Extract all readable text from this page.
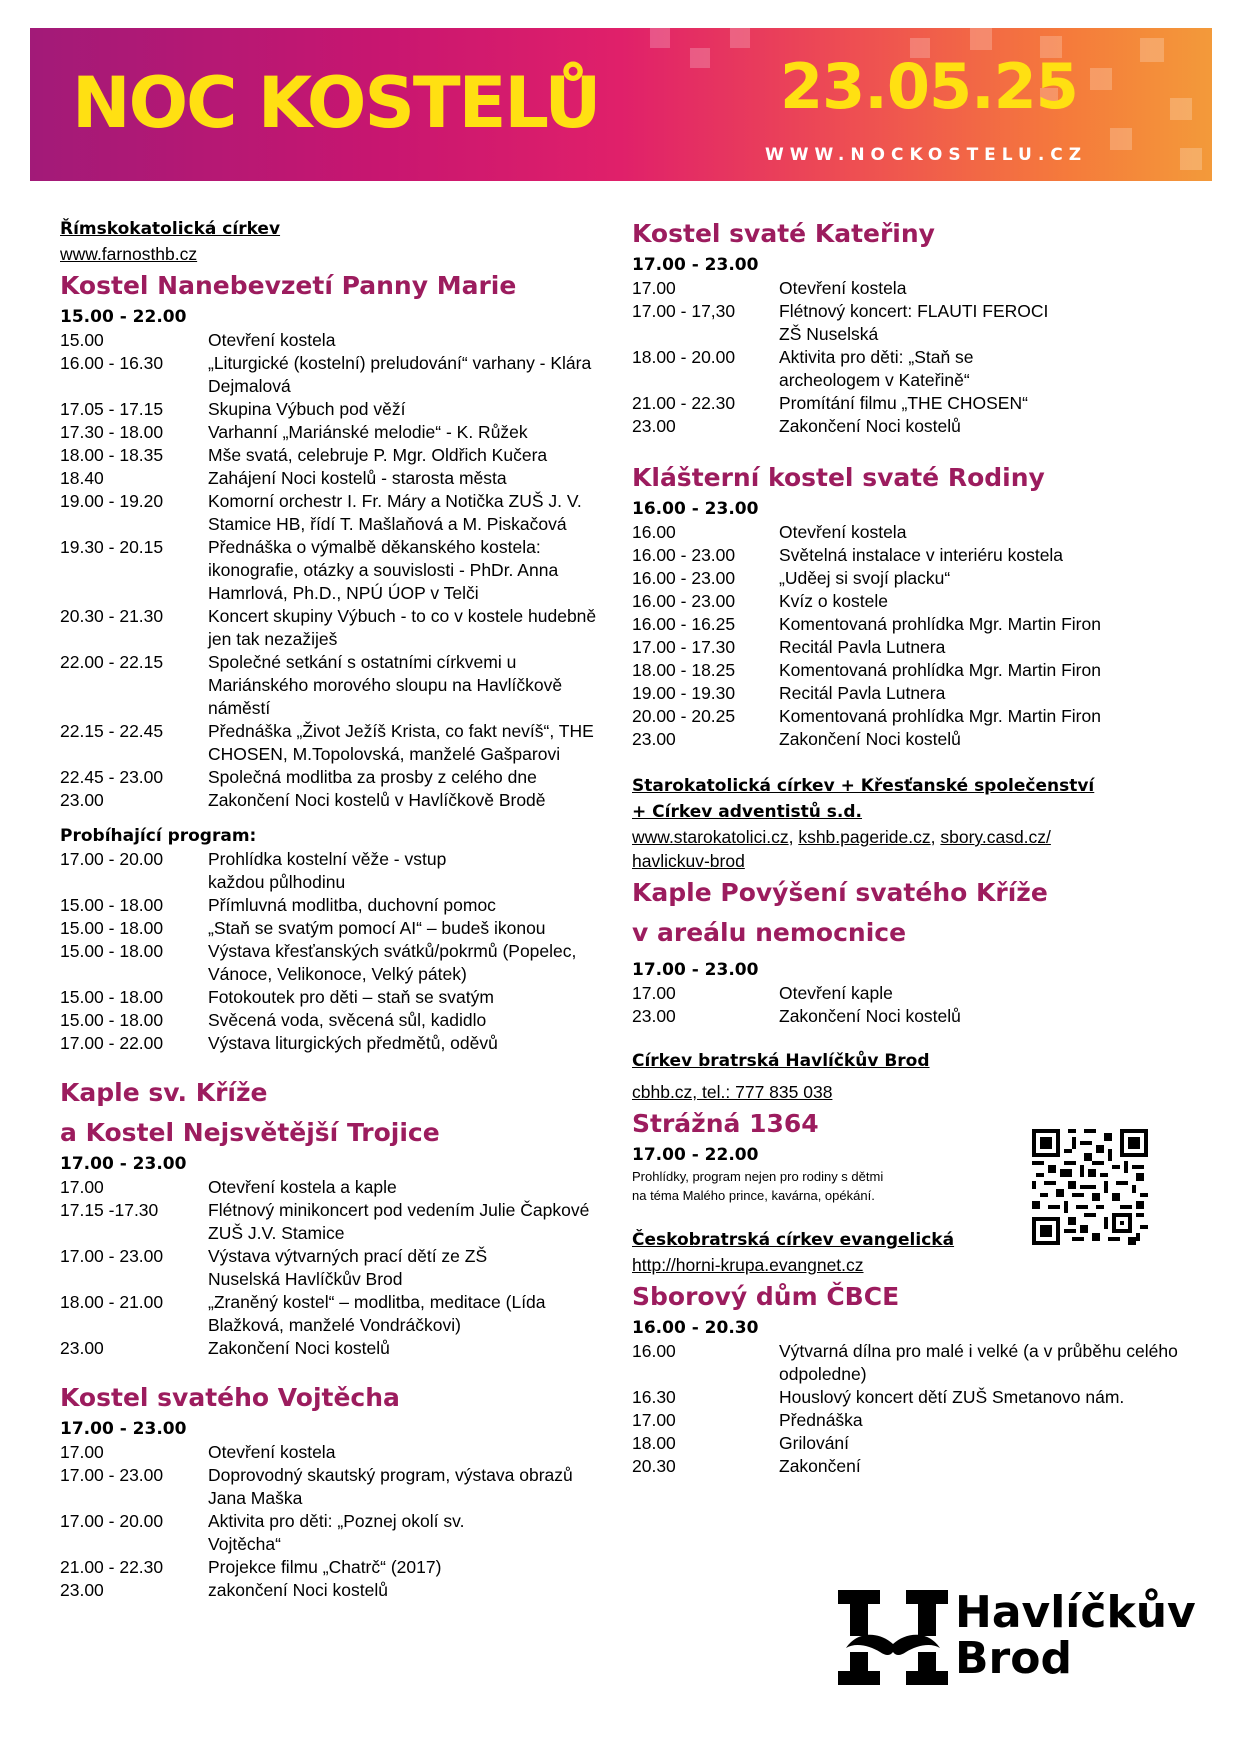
NOC KOSTELŮ	23.05.25
WWW.NOCKOSTELU.CZ
Římskokatolická církev
www.farnosthb.cz
Kostel Nanebevzetí Panny Marie
15.00 - 22.00
15.00	Otevření kostela
16.00 - 16.30	„Liturgické (kostelní) preludování“ varhany - Klára Dejmalová
17.05 - 17.15	Skupina Výbuch pod věží
17.30 - 18.00	Varhanní „Mariánské melodie“ - K. Růžek
18.00 - 18.35	Mše svatá, celebruje P. Mgr. Oldřich Kučera
18.40	Zahájení Noci kostelů - starosta města
19.00 - 19.20	Komorní orchestr I. Fr. Máry a Notička ZUŠ J. V. Stamice HB, řídí T. Mašlaňová a M. Piskačová
19.30 - 20.15	Přednáška o výmalbě děkanského kostela: ikonografie, otázky a souvislosti - PhDr. Anna Hamrlová, Ph.D., NPÚ ÚOP v Telči
20.30 - 21.30	Koncert skupiny Výbuch - to co v kostele hudebně jen tak nezažiješ
22.00 - 22.15	Společné setkání s ostatními církvemi u Mariánského morového sloupu na Havlíčkově náměstí
22.15 - 22.45	Přednáška „Život Ježíš Krista, co fakt nevíš“, THE CHOSEN, M.Topolovská, manželé Gašparovi
22.45 - 23.00	Společná modlitba za prosby z celého dne
23.00	Zakončení Noci kostelů v Havlíčkově Brodě
Probíhající program:
17.00 - 20.00	Prohlídka kostelní věže - vstup každou půlhodinu
15.00 - 18.00	Přímluvná modlitba, duchovní pomoc
15.00 - 18.00	„Staň se svatým pomocí AI“ – budeš ikonou
15.00 - 18.00	Výstava křesťanských svátků/pokrmů (Popelec, Vánoce, Velikonoce, Velký pátek)
15.00 - 18.00	Fotokoutek pro děti – staň se svatým
15.00 - 18.00	Svěcená voda, svěcená sůl, kadidlo
17.00 - 22.00	Výstava liturgických předmětů, oděvů
Kaple sv. Kříže
a Kostel Nejsvětější Trojice
17.00 - 23.00
17.00	Otevření kostela a kaple
17.15 -17.30	Flétnový minikoncert pod vedením Julie Čapkové ZUŠ J.V. Stamice
17.00 - 23.00	Výstava výtvarných prací dětí ze ZŠ Nuselská Havlíčkův Brod
18.00 - 21.00	„Zraněný kostel“ – modlitba, meditace (Lída Blažková, manželé Vondráčkovi)
23.00	Zakončení Noci kostelů
Kostel svatého Vojtěcha
17.00 - 23.00
17.00	Otevření kostela
17.00 - 23.00	Doprovodný skautský program, výstava obrazů Jana Maška
17.00 - 20.00	Aktivita pro děti: „Poznej okolí sv. Vojtěcha“
21.00 - 22.30	Projekce filmu „Chatrč“ (2017)
23.00	zakončení Noci kostelů
Kostel svaté Kateřiny
17.00 - 23.00
17.00	Otevření kostela
17.00 - 17,30	Flétnový koncert: FLAUTI FEROCI ZŠ Nuselská
18.00 - 20.00	Aktivita pro děti: „Staň se archeologem v Kateřině“
21.00 - 22.30	Promítání filmu „THE CHOSEN“
23.00	Zakončení Noci kostelů
Klášterní kostel svaté Rodiny
16.00 - 23.00
16.00	Otevření kostela
16.00 - 23.00	Světelná instalace v interiéru kostela
16.00 - 23.00	„Uděej si svojí placku“
16.00 - 23.00	Kvíz o kostele
16.00 - 16.25	Komentovaná prohlídka Mgr. Martin Firon
17.00 - 17.30	Recitál Pavla Lutnera
18.00 - 18.25	Komentovaná prohlídka Mgr. Martin Firon
19.00 - 19.30	Recitál Pavla Lutnera
20.00 - 20.25	Komentovaná prohlídka Mgr. Martin Firon
23.00	Zakončení Noci kostelů
Starokatolická církev + Křesťanské společenství
+ Církev adventistů s.d.
www.starokatolici.cz, kshb.pageride.cz, sbory.casd.cz/
havlickuv-brod
Kaple Povýšení svatého Kříže
v areálu nemocnice
17.00 - 23.00
17.00	Otevření kaple
23.00	Zakončení Noci kostelů
Církev bratrská Havlíčkův Brod
cbhb.cz, tel.: 777 835 038
Strážná 1364
17.00 - 22.00
Prohlídky, program nejen pro rodiny s dětmi
na téma Malého prince, kavárna, opékání.
Českobratrská církev evangelická
http://horni-krupa.evangnet.cz
Sborový dům ČBCE
16.00 - 20.30
16.00	Výtvarná dílna pro malé i velké (a v průběhu celého odpoledne)
16.30	Houslový koncert dětí ZUŠ Smetanovo nám.
17.00	Přednáška
18.00	Grilování
20.30	Zakončení
Havlíčkův
Brod
